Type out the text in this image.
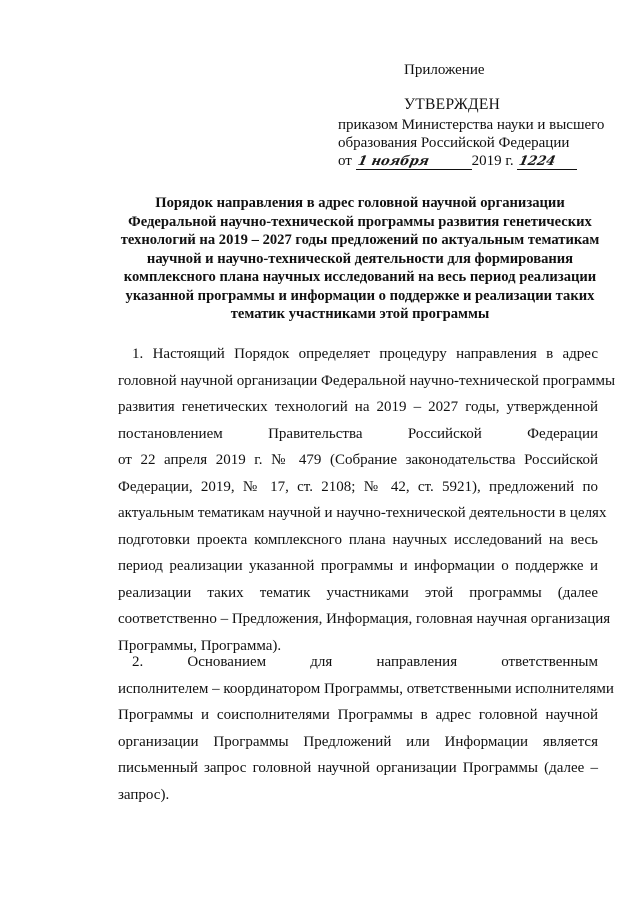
Приложение
УТВЕРЖДЕН
приказом Министерства науки и высшего
образования Российской Федерации
от 1 ноября	2019 г. 1224
Порядок направления в адрес головной научной организации
Федеральной научно-технической программы развития генетических
технологий на 2019 – 2027 годы предложений по актуальным тематикам
научной и научно-технической деятельности для формирования
комплексного плана научных исследований на весь период реализации
указанной программы и информации о поддержке и реализации таких
тематик участниками этой программы
1. Настоящий Порядок определяет процедуру направления в адрес
головной научной организации Федеральной научно-технической программы
развития генетических технологий на 2019 – 2027 годы, утвержденной
постановлением Правительства Российской Федерации
от 22 апреля 2019 г. № 479 (Собрание законодательства Российской
Федерации, 2019, № 17, ст. 2108; № 42, ст. 5921), предложений по
актуальным тематикам научной и научно-технической деятельности в целях
подготовки проекта комплексного плана научных исследований на весь
период реализации указанной программы и информации о поддержке и
реализации таких тематик участниками этой программы (далее
соответственно – Предложения, Информация, головная научная организация
Программы, Программа).
2. Основанием для направления ответственным
исполнителем – координатором Программы, ответственными исполнителями
Программы и соисполнителями Программы в адрес головной научной
организации Программы Предложений или Информации является
письменный запрос головной научной организации Программы (далее –
запрос).
